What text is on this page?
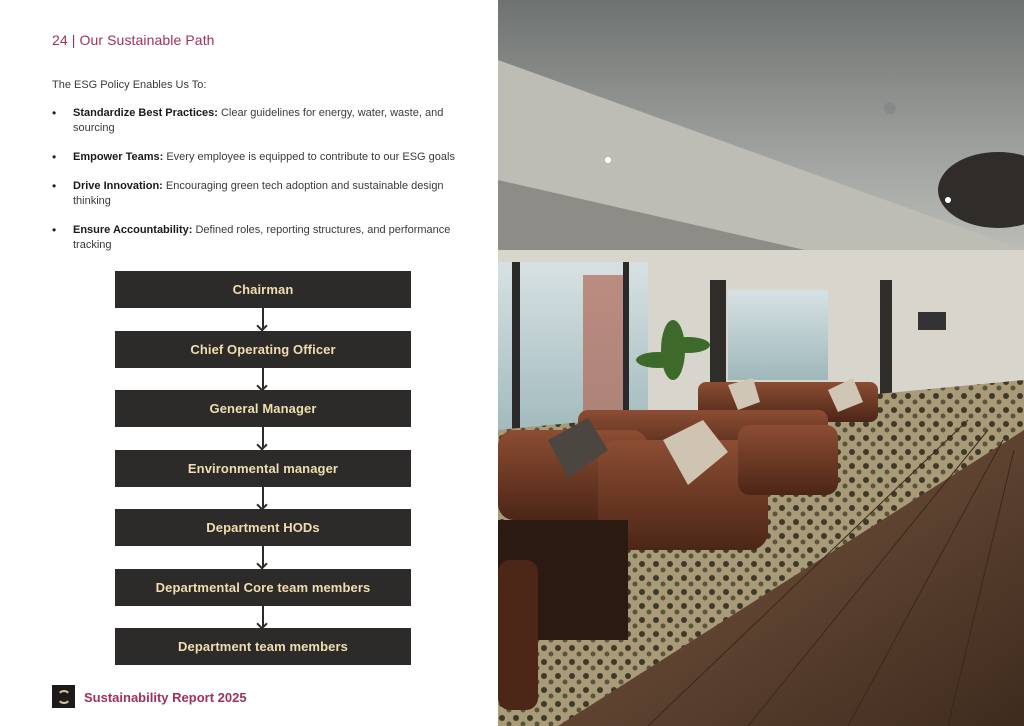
24 | Our Sustainable Path
The ESG Policy Enables Us To:
• Standardize Best Practices: Clear guidelines for energy, water, waste, and sourcing
• Empower Teams: Every employee is equipped to contribute to our ESG goals
• Drive Innovation: Encouraging green tech adoption and sustainable design thinking
• Ensure Accountability: Defined roles, reporting structures, and performance tracking
Chairman
Chief Operating Officer
General Manager
Environmental manager
Department HODs
Departmental Core team members
Department team members
Sustainability Report 2025
